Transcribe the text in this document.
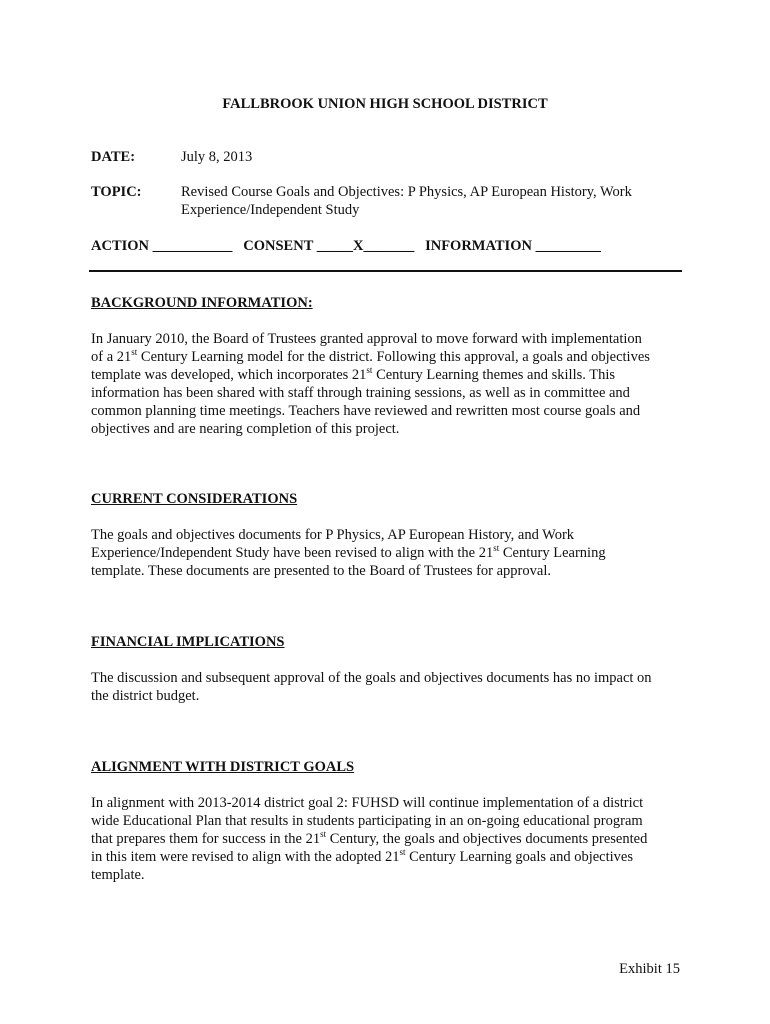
FALLBROOK UNION HIGH SCHOOL DISTRICT
DATE:	July 8, 2013
TOPIC:	Revised Course Goals and Objectives: P Physics, AP European History, Work
Experience/Independent Study
ACTION ___________ CONSENT _____X_______ INFORMATION _________
BACKGROUND INFORMATION:
In January 2010, the Board of Trustees granted approval to move forward with implementation
of a 21st Century Learning model for the district. Following this approval, a goals and objectives
template was developed, which incorporates 21st Century Learning themes and skills. This
information has been shared with staff through training sessions, as well as in committee and
common planning time meetings. Teachers have reviewed and rewritten most course goals and
objectives and are nearing completion of this project.
CURRENT CONSIDERATIONS
The goals and objectives documents for P Physics, AP European History, and Work
Experience/Independent Study have been revised to align with the 21st Century Learning
template. These documents are presented to the Board of Trustees for approval.
FINANCIAL IMPLICATIONS
The discussion and subsequent approval of the goals and objectives documents has no impact on
the district budget.
ALIGNMENT WITH DISTRICT GOALS
In alignment with 2013-2014 district goal 2: FUHSD will continue implementation of a district
wide Educational Plan that results in students participating in an on-going educational program
that prepares them for success in the 21st Century, the goals and objectives documents presented
in this item were revised to align with the adopted 21st Century Learning goals and objectives
template.
Exhibit 15
